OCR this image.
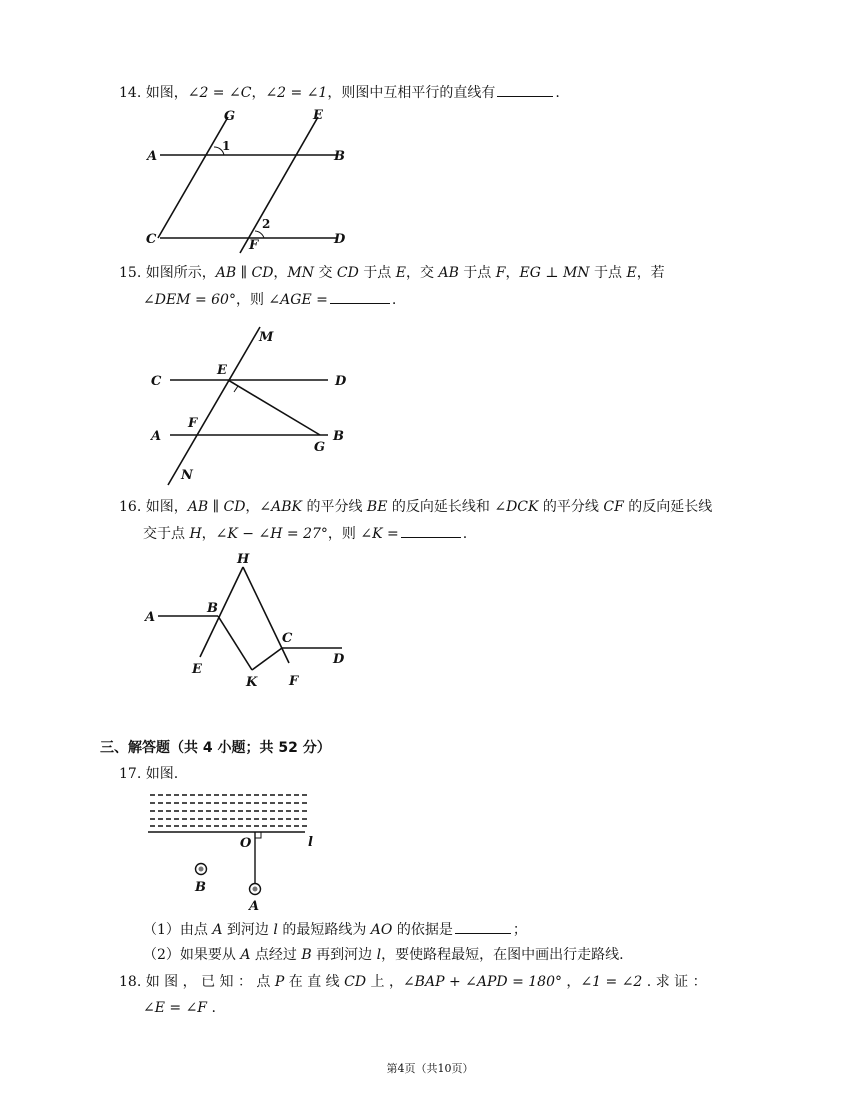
14. 如图，∠2 = ∠C，∠2 = ∠1，则图中互相平行的直线有	.
G	E
A	B
C	F	D
1
2
15. 如图所示，AB ∥ CD，MN 交 CD 于点 E，交 AB 于点 F，EG ⊥ MN 于点 E，若
∠DEM = 60°，则 ∠AGE =	.
M
C
E
D
F
A
G
B
N
16. 如图，AB ∥ CD，∠ABK 的平分线 BE 的反向延长线和 ∠DCK 的平分线 CF 的反向延长线
交于点 H，∠K − ∠H = 27°，则 ∠K =	.
H
A
B
C
D
E
K F
三、解答题（共 4 小题；共 52 分）
17. 如图.
O	l
B
A
（1）由点 A 到河边 l 的最短路线为 AO 的依据是	；
（2）如果要从 A 点经过 B 再到河边 l，要使路程最短，在图中画出行走路线.
18. 如 图 ， 已 知 ： 点 P 在 直 线 CD 上 ，∠BAP + ∠APD = 180° ，∠1 = ∠2 . 求 证 ：
∠E = ∠F .
第4页（共10页）
